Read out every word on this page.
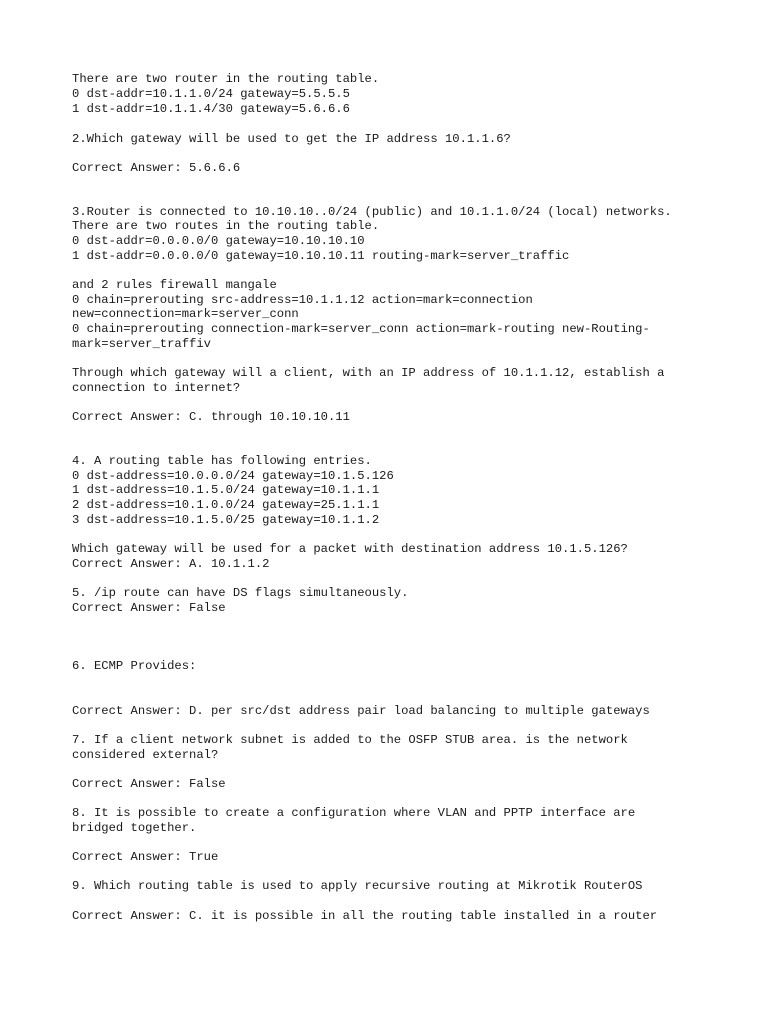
There are two router in the routing table.

0 dst-addr=10.1.1.0/24 gateway=5.5.5.5

1 dst-addr=10.1.1.4/30 gateway=5.6.6.6

2.Which gateway will be used to get the IP address 10.1.1.6?

Correct Answer: 5.6.6.6

3.Router is connected to 10.10.10..0/24 (public) and 10.1.1.0/24 (local) networks.

There are two routes in the routing table.

0 dst-addr=0.0.0.0/0 gateway=10.10.10.10

1 dst-addr=0.0.0.0/0 gateway=10.10.10.11 routing-mark=server_traffic

and 2 rules firewall mangale

0 chain=prerouting src-address=10.1.1.12 action=mark=connection

new=connection=mark=server_conn

0 chain=prerouting connection-mark=server_conn action=mark-routing new-Routing-

mark=server_traffiv

Through which gateway will a client, with an IP address of 10.1.1.12, establish a

connection to internet?

Correct Answer: C. through 10.10.10.11

4. A routing table has following entries.

0 dst-address=10.0.0.0/24 gateway=10.1.5.126

1 dst-address=10.1.5.0/24 gateway=10.1.1.1

2 dst-address=10.1.0.0/24 gateway=25.1.1.1

3 dst-address=10.1.5.0/25 gateway=10.1.1.2

Which gateway will be used for a packet with destination address 10.1.5.126?

Correct Answer: A. 10.1.1.2

5. /ip route can have DS flags simultaneously.

Correct Answer: False

6. ECMP Provides:

Correct Answer: D. per src/dst address pair load balancing to multiple gateways

7. If a client network subnet is added to the OSFP STUB area. is the network

considered external?

Correct Answer: False

8. It is possible to create a configuration where VLAN and PPTP interface are

bridged together.

Correct Answer: True

9. Which routing table is used to apply recursive routing at Mikrotik RouterOS

Correct Answer: C. it is possible in all the routing table installed in a router
